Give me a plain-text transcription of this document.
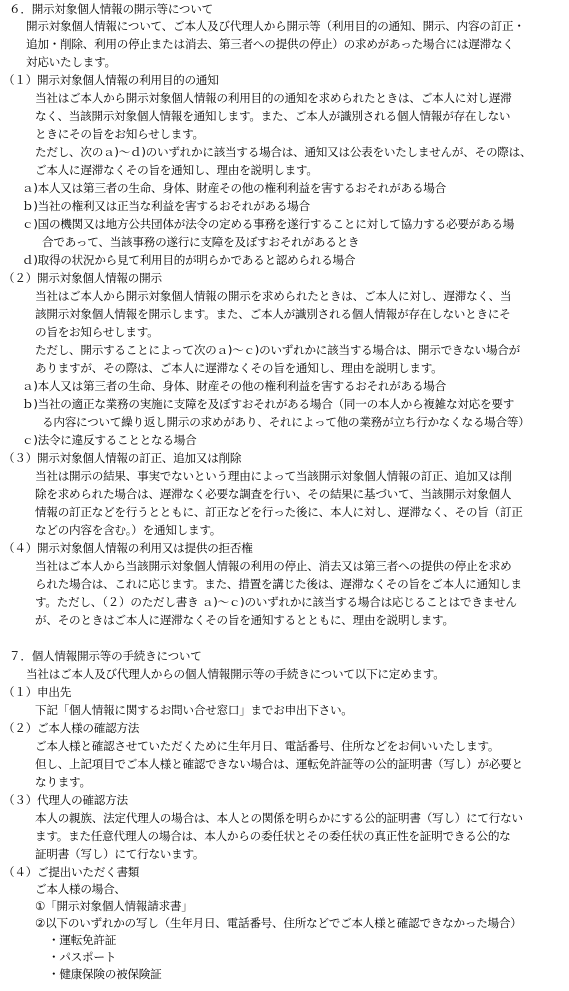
６．開示対象個人情報の開示等について
開示対象個人情報について、ご本人及び代理人から開示等（利用目的の通知、開示、内容の訂正・
追加・削除、利用の停止または消去、第三者への提供の停止）の求めがあった場合には遅滞なく
対応いたします。
（１）開示対象個人情報の利用目的の通知
当社はご本人から開示対象個人情報の利用目的の通知を求められたときは、ご本人に対し遅滞
なく、当該開示対象個人情報を通知します。また、ご本人が識別される個人情報が存在しない
ときにその旨をお知らせします。
ただし、次のａ)～ｄ)のいずれかに該当する場合は、通知又は公表をいたしませんが、その際は、
ご本人に遅滞なくその旨を通知し、理由を説明します。
ａ)本人又は第三者の生命、身体、財産その他の権利利益を害するおそれがある場合
ｂ)当社の権利又は正当な利益を害するおそれがある場合
ｃ)国の機関又は地方公共団体が法令の定める事務を遂行することに対して協力する必要がある場
合であって、当該事務の遂行に支障を及ぼすおそれがあるとき
ｄ)取得の状況から見て利用目的が明らかであると認められる場合
（２）開示対象個人情報の開示
当社はご本人から開示対象個人情報の開示を求められたときは、ご本人に対し、遅滞なく、当
該開示対象個人情報を開示します。また、ご本人が識別される個人情報が存在しないときにそ
の旨をお知らせします。
ただし、開示することによって次のａ)～ｃ)のいずれかに該当する場合は、開示できない場合が
ありますが、その際は、ご本人に遅滞なくその旨を通知し、理由を説明します。
ａ)本人又は第三者の生命、身体、財産その他の権利利益を害するおそれがある場合
ｂ)当社の適正な業務の実施に支障を及ぼすおそれがある場合（同一の本人から複雑な対応を要す
る内容について繰り返し開示の求めがあり、それによって他の業務が立ち行かなくなる場合等）
ｃ)法令に違反することとなる場合
（３）開示対象個人情報の訂正、追加又は削除
当社は開示の結果、事実でないという理由によって当該開示対象個人情報の訂正、追加又は削
除を求められた場合は、遅滞なく必要な調査を行い、その結果に基づいて、当該開示対象個人
情報の訂正などを行うとともに、訂正などを行った後に、本人に対し、遅滞なく、その旨（訂正
などの内容を含む。）を通知します。
（４）開示対象個人情報の利用又は提供の拒否権
当社はご本人から当該開示対象個人情報の利用の停止、消去又は第三者への提供の停止を求め
られた場合は、これに応じます。また、措置を講じた後は、遅滞なくその旨をご本人に通知しま
す。ただし、（２）のただし書き ａ)～ｃ)のいずれかに該当する場合は応じることはできません
が、そのときはご本人に遅滞なくその旨を通知するとともに、理由を説明します。
７．個人情報開示等の手続きについて
当社はご本人及び代理人からの個人情報開示等の手続きについて以下に定めます。
（１）申出先
下記「個人情報に関するお問い合せ窓口」までお申出下さい。
（２）ご本人様の確認方法
ご本人様と確認させていただくために生年月日、電話番号、住所などをお伺いいたします。
但し、上記項目でご本人様と確認できない場合は、運転免許証等の公的証明書（写し）が必要と
なります。
（３）代理人の確認方法
本人の親族、法定代理人の場合は、本人との関係を明らかにする公的証明書（写し）にて行ない
ます。また任意代理人の場合は、本人からの委任状とその委任状の真正性を証明できる公的な
証明書（写し）にて行ないます。
（４）ご提出いただく書類
ご本人様の場合、
①「開示対象個人情報請求書」
②以下のいずれかの写し（生年月日、電話番号、住所などでご本人様と確認できなかった場合）
・運転免許証
・パスポート
・健康保険の被保険証
